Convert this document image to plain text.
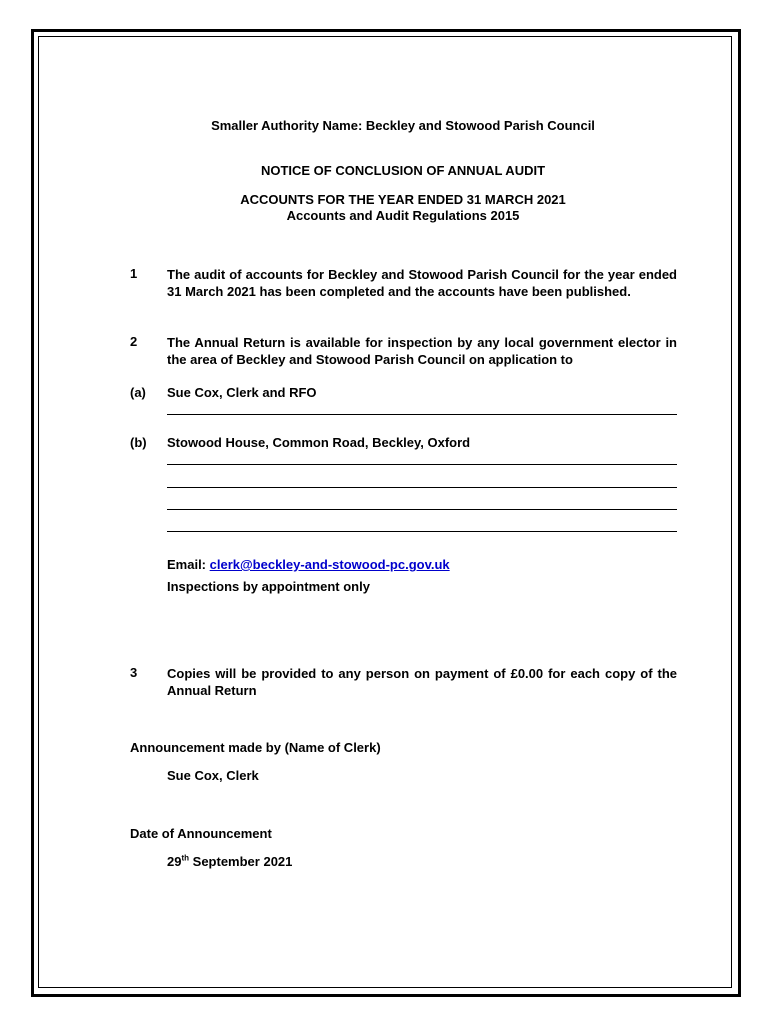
Smaller Authority Name: Beckley and Stowood Parish Council
NOTICE OF CONCLUSION OF ANNUAL AUDIT
ACCOUNTS FOR THE YEAR ENDED 31 MARCH 2021
Accounts and Audit Regulations 2015
1 The audit of accounts for Beckley and Stowood Parish Council for the year ended 31 March 2021 has been completed and the accounts have been published.
2 The Annual Return is available for inspection by any local government elector in the area of Beckley and Stowood Parish Council on application to
(a) Sue Cox, Clerk and RFO
(b) Stowood House, Common Road, Beckley, Oxford
Email: clerk@beckley-and-stowood-pc.gov.uk
Inspections by appointment only
3 Copies will be provided to any person on payment of £0.00 for each copy of the Annual Return
Announcement made by (Name of Clerk)
Sue Cox, Clerk
Date of Announcement
29th September 2021
